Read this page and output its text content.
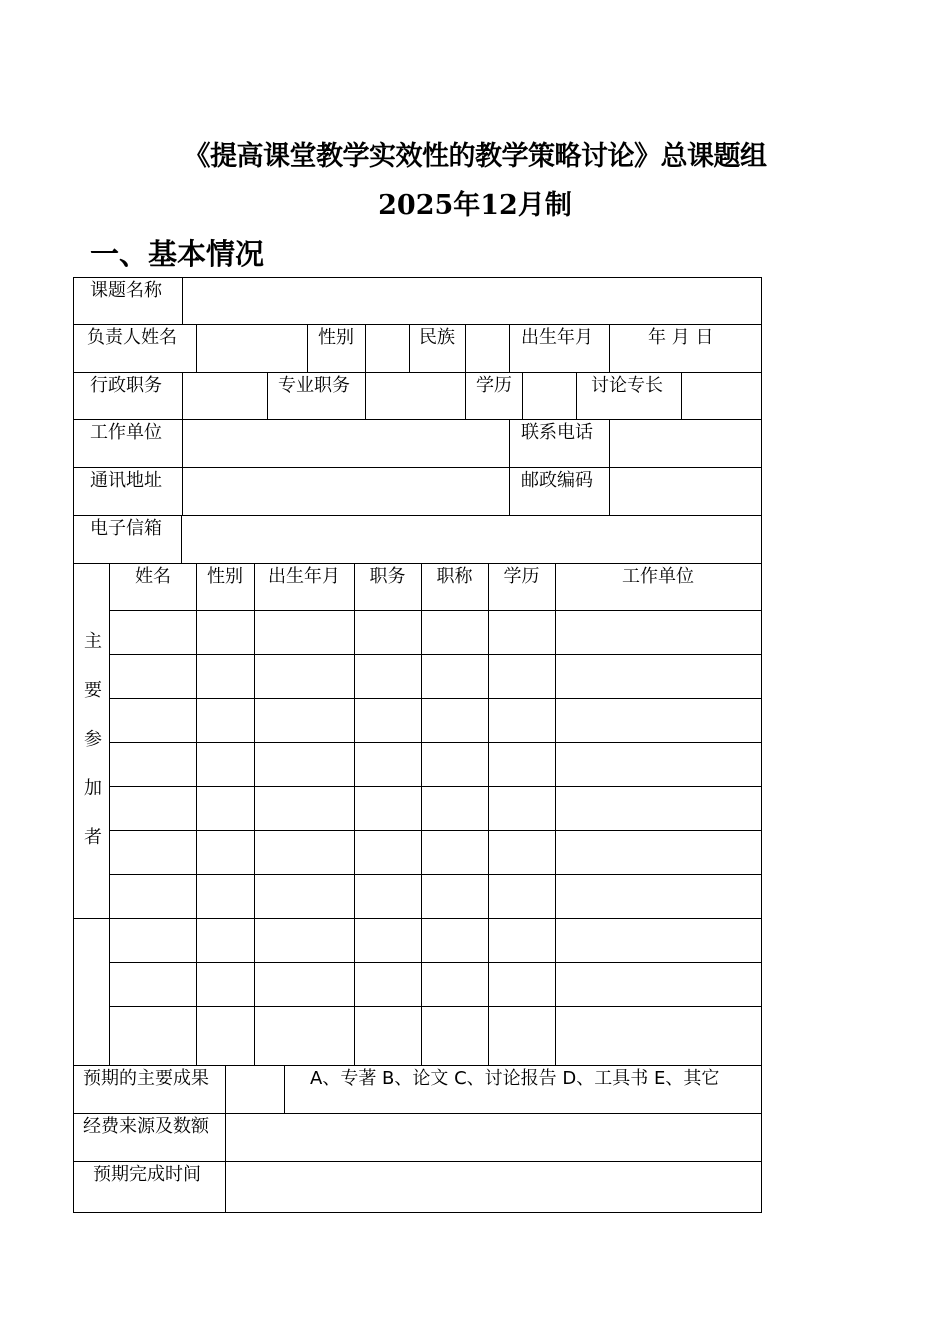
《提高课堂教学实效性的教学策略讨论》总课题组
2025年12月制
一、基本情况
课题名称
负责人姓名	性别	民族	出生年月	年 月 日
行政职务	专业职务	学历	讨论专长
工作单位	联系电话
通讯地址	邮政编码
电子信箱
姓名	性别	出生年月	职务	职称	学历	工作单位
主
要
参
加
者
预期的主要成果	A、专著 B、论文 C、讨论报告 D、工具书 E、其它
经费来源及数额
预期完成时间
